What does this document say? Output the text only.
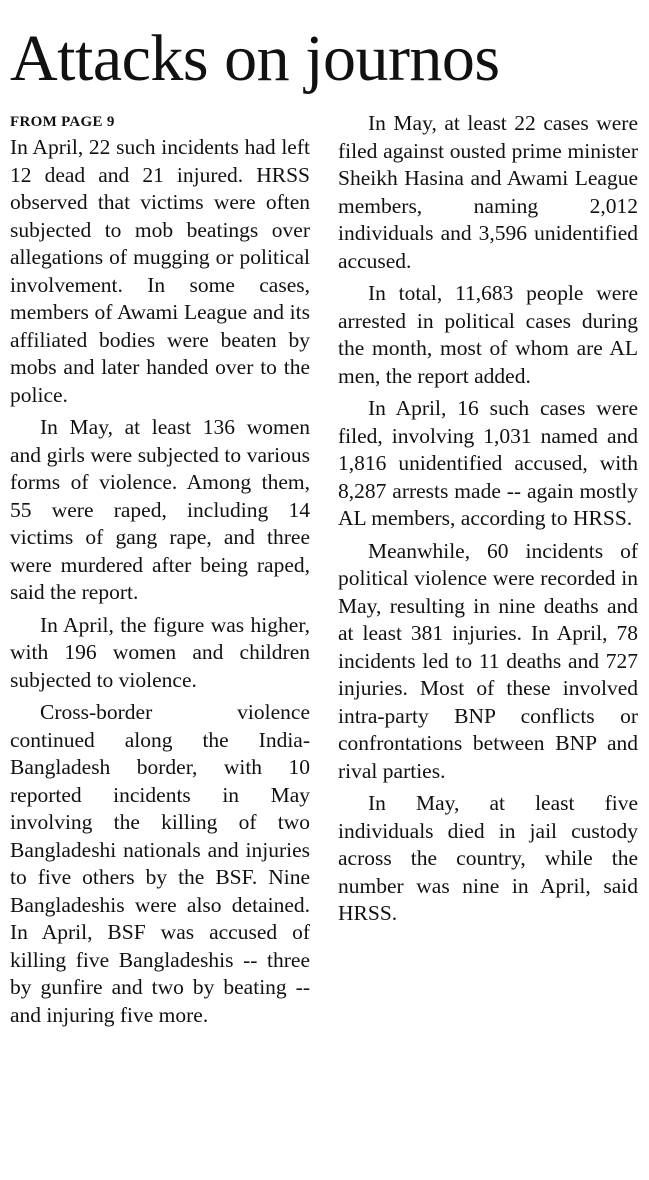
Attacks on journos

FROM PAGE 9

In April, 22 such incidents had left 12 dead and 21 injured. HRSS observed that victims were often subjected to mob beatings over allegations of mugging or political involvement. In some cases, members of Awami League and its affiliated bodies were beaten by mobs and later handed over to the police.

In May, at least 136 women and girls were subjected to various forms of violence. Among them, 55 were raped, including 14 victims of gang rape, and three were murdered after being raped, said the report.

In April, the figure was higher, with 196 women and children subjected to violence.

Cross-border violence continued along the India-Bangladesh border, with 10 reported incidents in May involving the killing of two Bangladeshi nationals and injuries to five others by the BSF. Nine Bangladeshis were also detained. In April, BSF was accused of killing five Bangladeshis -- three by gunfire and two by beating -- and injuring five more.

In May, at least 22 cases were filed against ousted prime minister Sheikh Hasina and Awami League members, naming 2,012 individuals and 3,596 unidentified accused.

In total, 11,683 people were arrested in political cases during the month, most of whom are AL men, the report added.

In April, 16 such cases were filed, involving 1,031 named and 1,816 unidentified accused, with 8,287 arrests made -- again mostly AL members, according to HRSS.

Meanwhile, 60 incidents of political violence were recorded in May, resulting in nine deaths and at least 381 injuries. In April, 78 incidents led to 11 deaths and 727 injuries. Most of these involved intra-party BNP conflicts or confrontations between BNP and rival parties.

In May, at least five individuals died in jail custody across the country, while the number was nine in April, said HRSS.
